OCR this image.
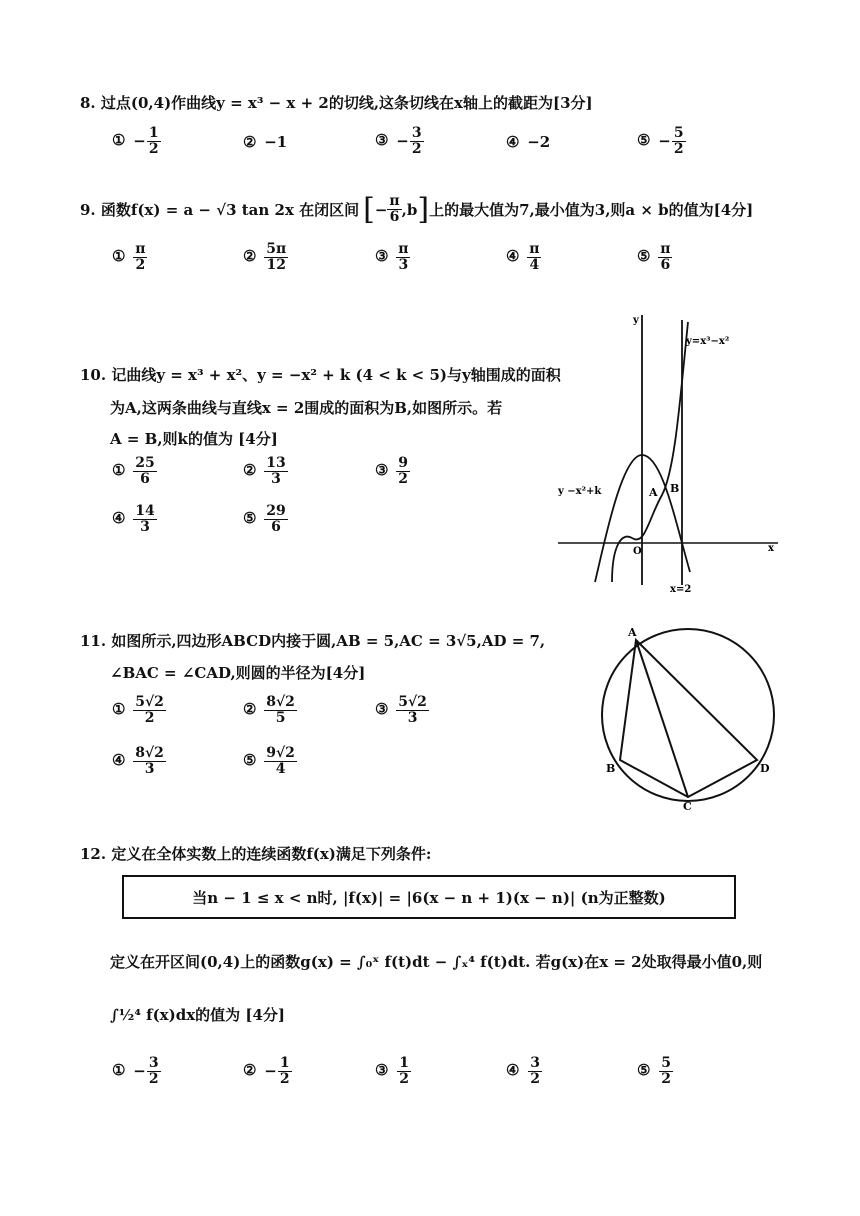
8. 过点(0,4)作曲线y = x³ − x + 2的切线,这条切线在x轴上的截距为[3分]
① − $\frac{1}{2}$	② −1	③ − $\frac{3}{2}$	④ −2	⑤ − $\frac{5}{2}$
9. 函数f(x) = a − √3 tan 2x 在闭区间 [ − $\frac{\pi}{6} ,b$ ] 上的最大值为7,最小值为3,则a × b的值为[4分]
① $\frac{\pi}{2}$	② $\frac{5\pi}{12}$	③ $\frac{\pi}{3}$	④ $\frac{\pi}{4}$	⑤ $\frac{\pi}{6}$
10. 记曲线y = x³ + x²、y = −x² + k (4 < k < 5)与y轴围成的面积
为A,这两条曲线与直线x = 2围成的面积为B,如图所示。若
A = B,则k的值为 [4分]
① $\frac{25}{6}$	② $\frac{13}{3}$	③ $\frac{9}{2}$
④ $\frac{14}{3}$	⑤ $\frac{29}{6}$
y
x
y=x³−x²
y −x²+k	A B
O
x=2
11. 如图所示,四边形ABCD内接于圆,AB = 5,AC = 3√5,AD = 7,
∠BAC = ∠CAD,则圆的半径为[4分]
① $\frac{5√2}{2}$	② $\frac{8√2}{5}$	③ $\frac{5√2}{3}$
④ $\frac{8√2}{3}$	⑤ $\frac{9√2}{4}$
A
B
C
D
12. 定义在全体实数上的连续函数f(x)满足下列条件:
当n − 1 ≤ x < n时, |f(x)| = |6(x − n + 1)(x − n)| (n为正整数)
定义在开区间(0,4)上的函数g(x) = ∫₀ˣ f(t)dt − ∫ₓ⁴ f(t)dt. 若g(x)在x = 2处取得最小值0,则
∫½⁴ f(x)dx的值为 [4分]
① − $\frac{3}{2}$	② − $\frac{1}{2}$	③ $\frac{1}{2}$	④ $\frac{3}{2}$	⑤ $\frac{5}{2}$
